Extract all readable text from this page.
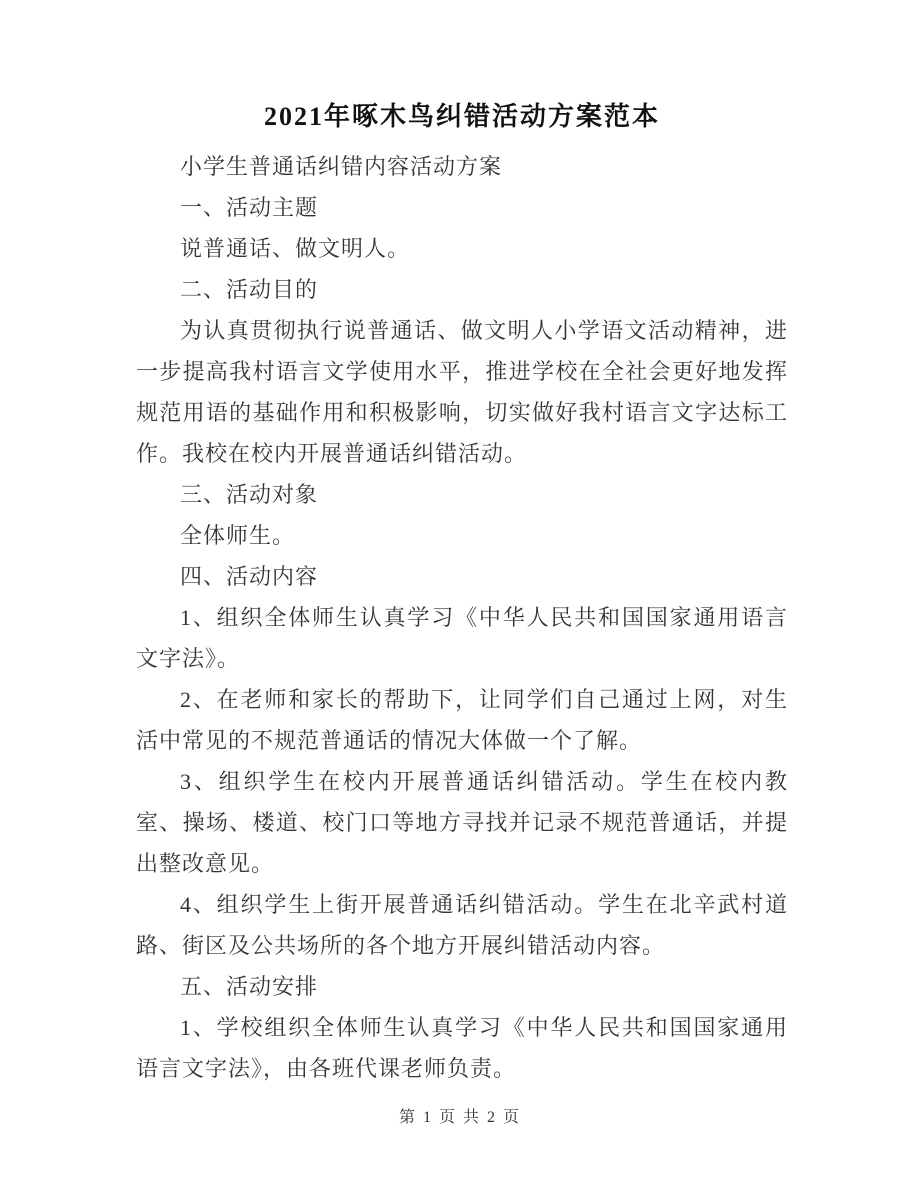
2021年啄木鸟纠错活动方案范本

小学生普通话纠错内容活动方案

一、活动主题

说普通话、做文明人。

二、活动目的

为认真贯彻执行说普通话、做文明人小学语文活动精神，进一步提高我村语言文学使用水平，推进学校在全社会更好地发挥规范用语的基础作用和积极影响，切实做好我村语言文字达标工作。我校在校内开展普通话纠错活动。

三、活动对象

全体师生。

四、活动内容

1、组织全体师生认真学习《中华人民共和国国家通用语言文字法》。

2、在老师和家长的帮助下，让同学们自己通过上网，对生活中常见的不规范普通话的情况大体做一个了解。

3、组织学生在校内开展普通话纠错活动。学生在校内教室、操场、楼道、校门口等地方寻找并记录不规范普通话，并提出整改意见。

4、组织学生上街开展普通话纠错活动。学生在北辛武村道路、街区及公共场所的各个地方开展纠错活动内容。

五、活动安排

1、学校组织全体师生认真学习《中华人民共和国国家通用语言文字法》，由各班代课老师负责。

第 1 页 共 2 页
